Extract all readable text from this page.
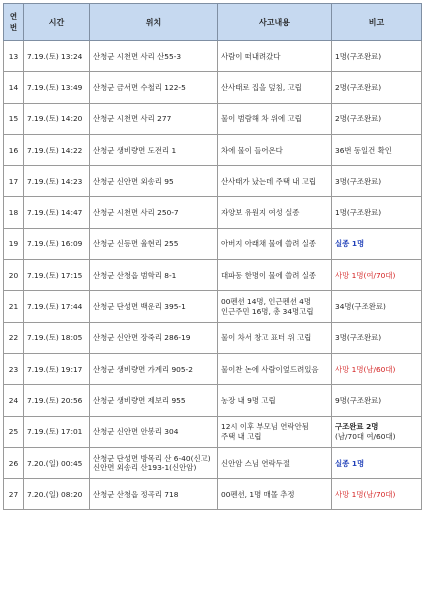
연
번	시간	위치	사고내용	비고
13	7.19.(토) 13:24	산청군 시천면 사리 산55-3	사람이 떠내려갔다	1명(구조완료)

14	7.19.(토) 13:49	산청군 금서면 수철리 122-5	산사태로 집을 덮침, 고립	2명(구조완료)

15	7.19.(토) 14:20	산청군 시천면 사리 277	물이 범람해 차 위에 고립	2명(구조완료)

16	7.19.(토) 14:22	산청군 생비량면 도전리 1	차에 물이 들어온다	36번 동일건 확인

17	7.19.(토) 14:23	산청군 신안면 외송리 95	산사태가 났는데 주택 내 고립	3명(구조완료)

18	7.19.(토) 14:47	산청군 시천면 사리 250-7	자양보 유원지 여성 실종	1명(구조완료)

19	7.19.(토) 16:09	산청군 신등면 율현리 255	아버지 아래채 물에 쓸려 실종	실종 1명

20	7.19.(토) 17:15	산청군 산청읍 범학리 8-1	대파동 한명이 물에 쓸려 실종	사망 1명(여/70대)

21	7.19.(토) 17:44	산청군 단성면 백운리 395-1	00펜션 14명, 인근펜션 4명
인근주민 16명, 총 34명고립	34명(구조완료)

22	7.19.(토) 18:05	산청군 신안면 장죽리 286-19	물이 차서 창고 표터 위 고립	3명(구조완료)

23	7.19.(토) 19:17	산청군 생비량면 가계리 905-2	물이찬 논에 사람이엎드려있음	사망 1명(남/60대)

24	7.19.(토) 20:56	산청군 생비량면 제보리 955	농장 내 9명 고립	9명(구조완료)

25	7.19.(토) 17:01	산청군 신안면 안봉리 304	12시 이후 부모님 연락안됨
주택 내 고립	구조완료 2명
(남/70대 여/60대)

26	7.20.(일) 00:45	산청군 단성면 방목리 산 6-40(신고)
신안면 외송리 산193-1(신안암)	신안암 스님 연락두절	실종 1명

27	7.20.(일) 08:20	산청군 산청읍 정곡리 718	00펜션, 1명 매몰 추정	사망 1명(남/70대)
